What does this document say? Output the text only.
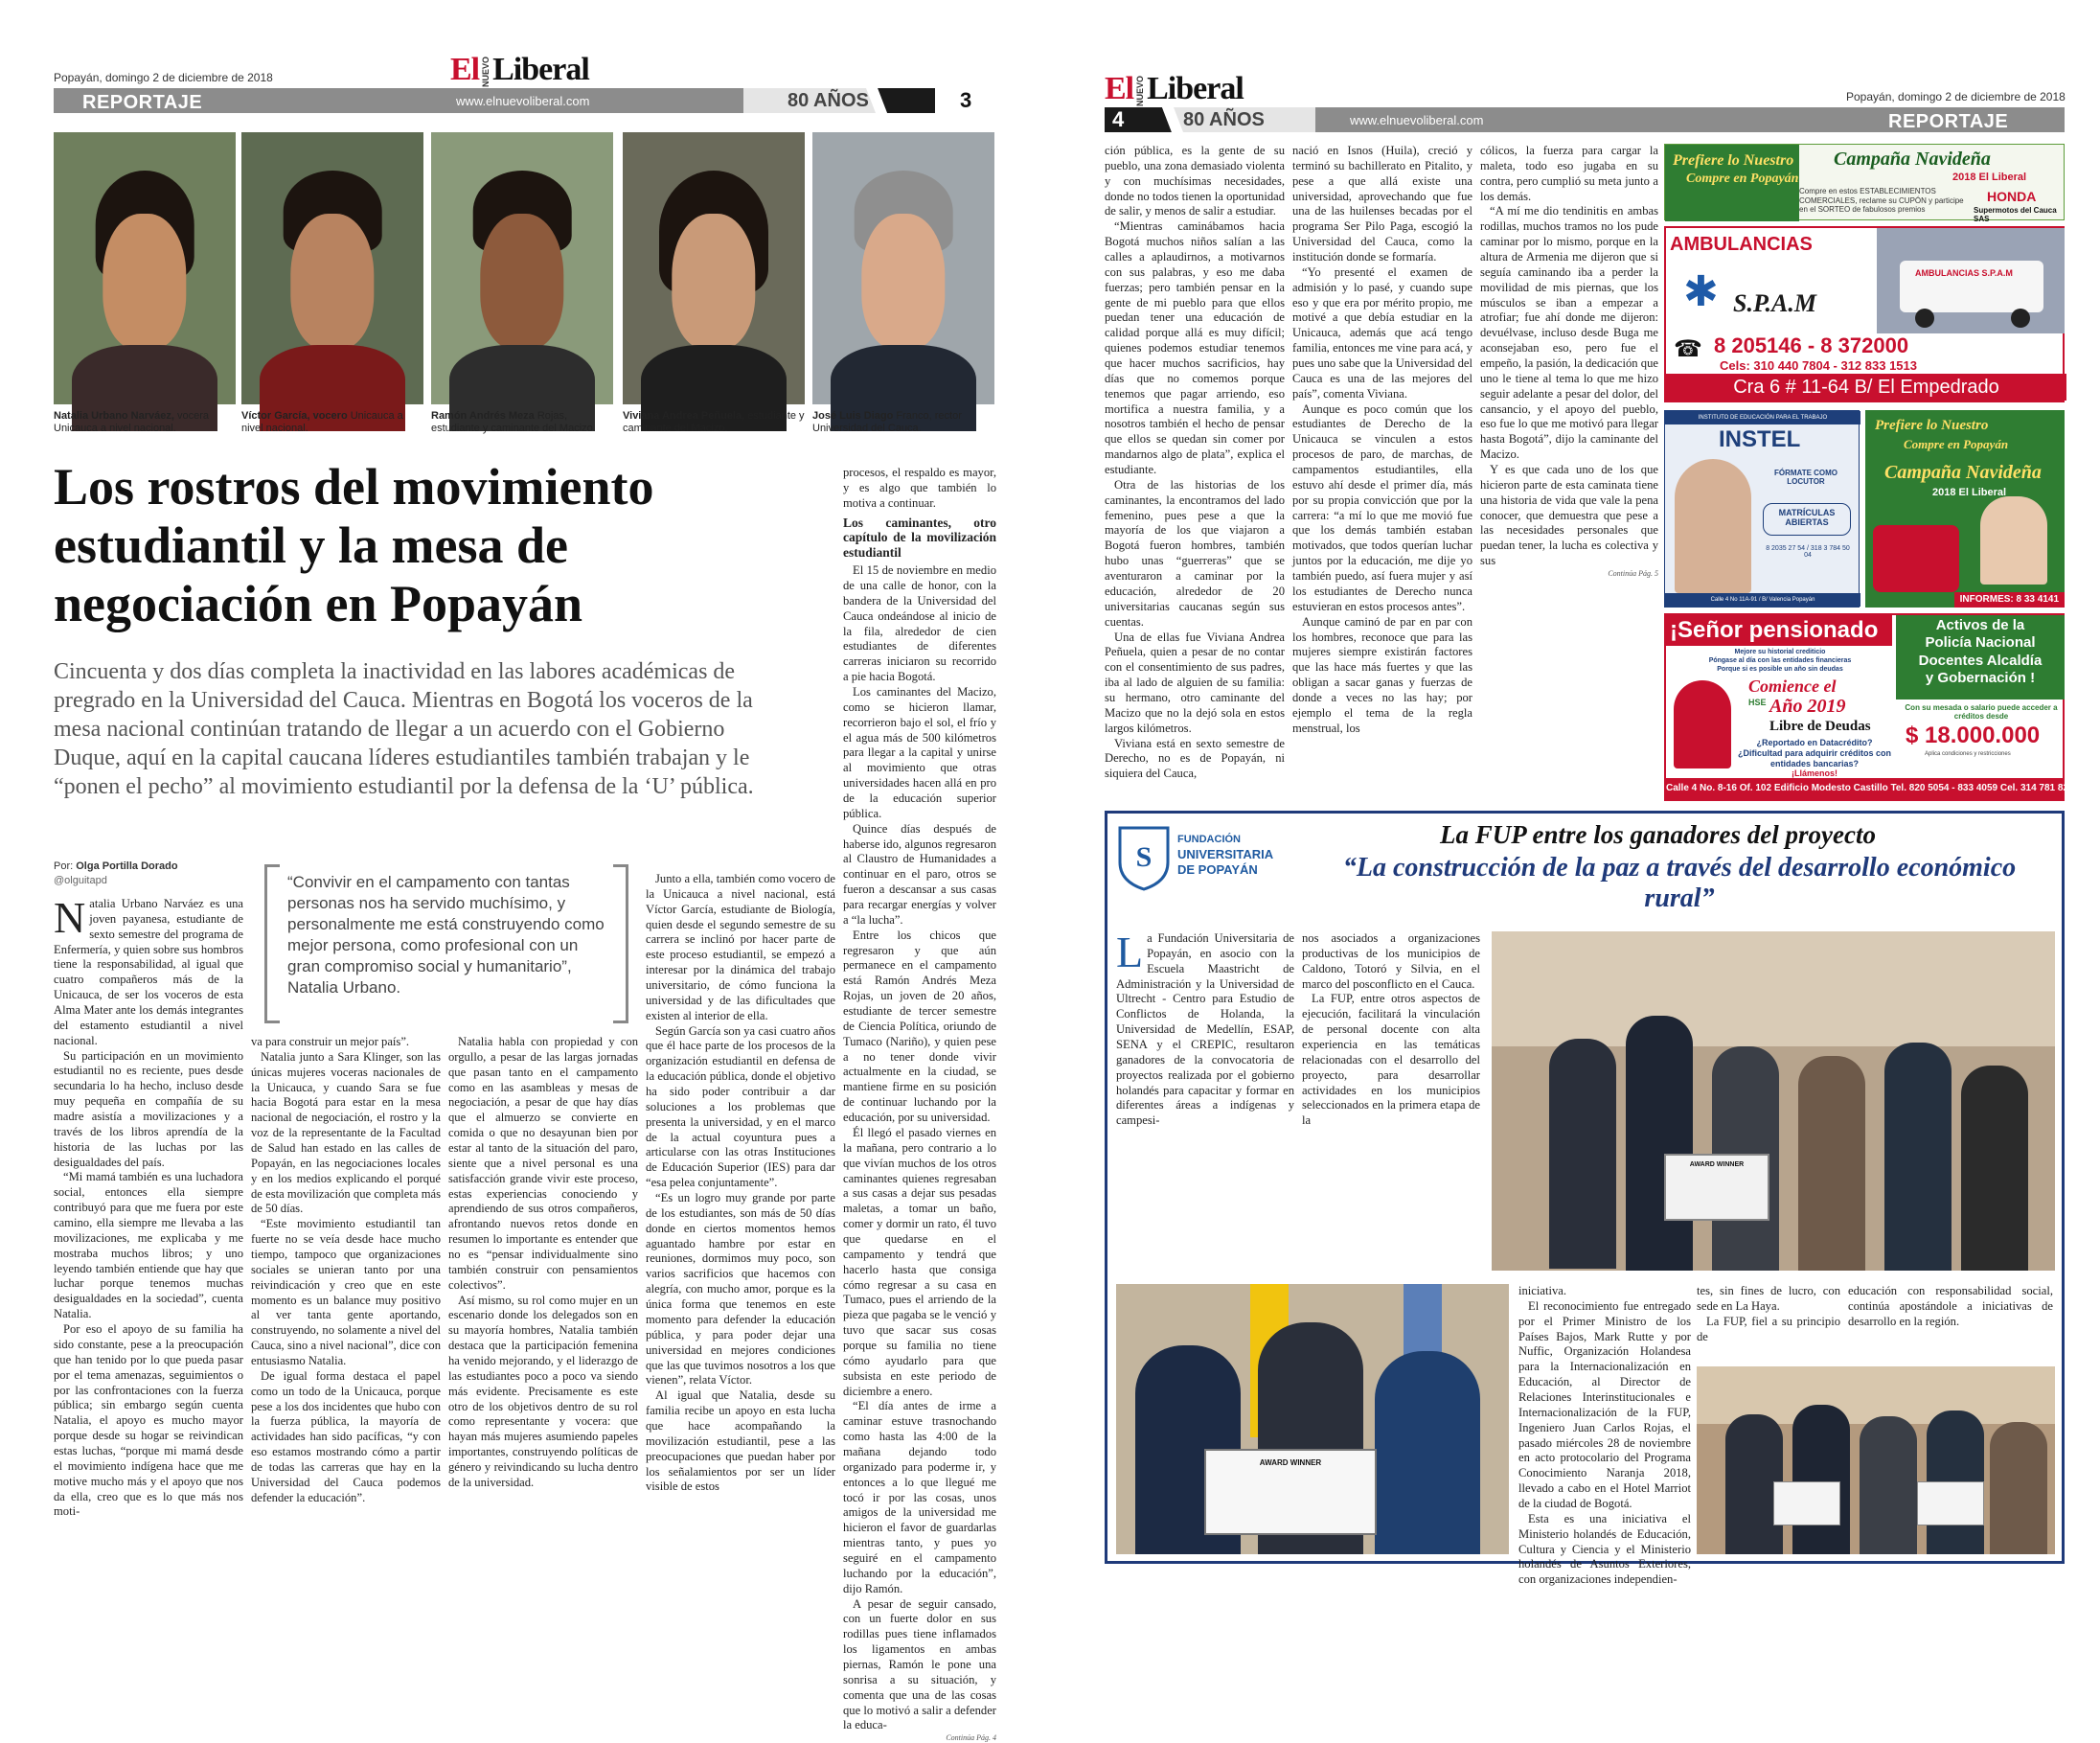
Popayán, domingo 2 de diciembre de 2018	El NUEVOLiberal
REPORTAJE	www.elnuevoliberal.com	80 AÑOS	3
Natalia Urbano Narváez, vocera Unicauca a nivel nacional.
Víctor García, vocero Unicauca a nivel nacional.
Ramón Andrés Meza Rojas, estudiante y caminante del Macizo.
Viviana Andrea Peñuela, estudiante y caminante del Macizo.
José Luis Diago Franco, rector Universidad del Cauca.
Los rostros del movimiento estudiantil y la mesa de negociación en Popayán
Cincuenta y dos días completa la inactividad en las labores académicas de pregrado en la Universidad del Cauca. Mientras en Bogotá los voceros de la mesa nacional continúan tratando de llegar a un acuerdo con el Gobierno Duque, aquí en la capital caucana líderes estudiantiles también trabajan y le “ponen el pecho” al movimiento estudiantil por la defensa de la ‘U’ pública.
Por: Olga Portilla Dorado
@olguitapd	“Convivir en el campamento con tantas personas nos ha servido muchísimo, y personalmente me está construyendo como mejor persona, como profesional con un gran compromiso social y humanitario”, Natalia Urbano.

Natalia Urbano Narváez es una joven payanesa, estudiante de sexto semestre del programa de Enfermería, y quien sobre sus hombros tiene la responsabilidad, al igual que cuatro compañeros más de la Unicauca, de ser los voceros de esta Alma Mater ante los demás integrantes del estamento estudiantil a nivel nacional.

Su participación en un movimiento estudiantil no es reciente, pues desde secundaria lo ha hecho, incluso desde muy pequeña en compañía de su madre asistía a movilizaciones y a través de los libros aprendía de la historia de las luchas por las desigualdades del país.

“Mi mamá también es una luchadora social, entonces ella siempre contribuyó para que me fuera por este camino, ella siempre me llevaba a las movilizaciones, me explicaba y me mostraba muchos libros; y uno leyendo también entiende que hay que luchar porque tenemos muchas desigualdades en la sociedad”, cuenta Natalia.

Por eso el apoyo de su familia ha sido constante, pese a la preocupación que han tenido por lo que pueda pasar por el tema amenazas, seguimientos o por las confrontaciones con la fuerza pública; sin embargo según cuenta Natalia, el apoyo es mucho mayor porque desde su hogar se reivindican estas luchas, “porque mi mamá desde el movimiento indígena hace que me motive mucho más y el apoyo que nos da ella, creo que es lo que más nos moti-

va para construir un mejor país”.

Natalia junto a Sara Klinger, son las únicas mujeres voceras nacionales de la Unicauca, y cuando Sara se fue hacia Bogotá para estar en la mesa nacional de negociación, el rostro y la voz de la representante de la Facultad de Salud han estado en las calles de Popayán, en las negociaciones locales y en los medios explicando el porqué de esta movilización que completa más de 50 días.

“Este movimiento estudiantil tan fuerte no se veía desde hace mucho tiempo, tampoco que organizaciones sociales se unieran tanto por una reivindicación y creo que en este momento es un balance muy positivo al ver tanta gente aportando, construyendo, no solamente a nivel del Cauca, sino a nivel nacional”, dice con entusiasmo Natalia.

De igual forma destaca el papel como un todo de la Unicauca, porque pese a los dos incidentes que hubo con la fuerza pública, la mayoría de actividades han sido pacíficas, “y con eso estamos mostrando cómo a partir de todas las carreras que hay en la Universidad del Cauca podemos defender la educación”.

Natalia habla con propiedad y con orgullo, a pesar de las largas jornadas que pasan tanto en el campamento como en las asambleas y mesas de negociación, a pesar de que hay días que el almuerzo se convierte en comida o que no desayunan bien por estar al tanto de la situación del paro, siente que a nivel personal es una satisfacción grande vivir este proceso, estas experiencias conociendo y aprendiendo de sus otros compañeros, afrontando nuevos retos donde en resumen lo importante es entender que no es “pensar individualmente sino también construir con pensamientos colectivos”.

Así mismo, su rol como mujer en un escenario donde los delegados son en su mayoría hombres, Natalia también destaca que la participación femenina ha venido mejorando, y el liderazgo de las estudiantes poco a poco va siendo más evidente. Precisamente es este otro de los objetivos dentro de su rol como representante y vocera: que hayan más mujeres asumiendo papeles importantes, construyendo políticas de género y reivindicando su lucha dentro de la universidad.

Junto a ella, también como vocero de la Unicauca a nivel nacional, está Víctor García, estudiante de Biología, quien desde el segundo semestre de su carrera se inclinó por hacer parte de este proceso estudiantil, se empezó a interesar por la dinámica del trabajo universitario, de cómo funciona la universidad y de las dificultades que existen al interior de ella.

Según García son ya casi cuatro años que él hace parte de los procesos de la organización estudiantil en defensa de la educación pública, donde el objetivo ha sido poder contribuir a dar soluciones a los problemas que presenta la universidad, y en el marco de la actual coyuntura pues a articularse con las otras Instituciones de Educación Superior (IES) para dar “esa pelea conjuntamente”.

“Es un logro muy grande por parte de los estudiantes, son más de 50 días donde en ciertos momentos hemos aguantado hambre por estar en reuniones, dormimos muy poco, son varios sacrificios que hacemos con alegría, con mucho amor, porque es la única forma que tenemos en este momento para defender la educación pública, y para poder dejar una universidad en mejores condiciones que las que tuvimos nosotros a los que vienen”, relata Víctor.

Al igual que Natalia, desde su familia recibe un apoyo en esta lucha que hace acompañando la movilización estudiantil, pese a las preocupaciones que puedan haber por los señalamientos por ser un líder visible de estos

procesos, el respaldo es mayor, y es algo que también lo motiva a continuar.

Los caminantes, otro capítulo de la movilización estudiantil

El 15 de noviembre en medio de una calle de honor, con la bandera de la Universidad del Cauca ondeándose al inicio de la fila, alrededor de cien estudiantes de diferentes carreras iniciaron su recorrido a pie hacia Bogotá.

Los caminantes del Macizo, como se hicieron llamar, recorrieron bajo el sol, el frío y el agua más de 500 kilómetros para llegar a la capital y unirse al movimiento que otras universidades hacen allá en pro de la educación superior pública.

Quince días después de haberse ido, algunos regresaron al Claustro de Humanidades a continuar en el paro, otros se fueron a descansar a sus casas para recargar energías y volver a “la lucha”.

Entre los chicos que regresaron y que aún permanece en el campamento está Ramón Andrés Meza Rojas, un joven de 20 años, estudiante de tercer semestre de Ciencia Política, oriundo de Tumaco (Nariño), y quien pese a no tener donde vivir actualmente en la ciudad, se mantiene firme en su posición de continuar luchando por la educación, por su universidad.

Él llegó el pasado viernes en la mañana, pero contrario a lo que vivían muchos de los otros caminantes quienes regresaban a sus casas a dejar sus pesadas maletas, a tomar un baño, comer y dormir un rato, él tuvo que quedarse en el campamento y tendrá que hacerlo hasta que consiga cómo regresar a su casa en Tumaco, pues el arriendo de la pieza que pagaba se le venció y tuvo que sacar sus cosas porque su familia no tiene cómo ayudarlo para que subsista en este periodo de diciembre a enero.

“El día antes de irme a caminar estuve trasnochando como hasta las 4:00 de la mañana dejando todo organizado para poderme ir, y entonces a lo que llegué me tocó ir por las cosas, unos amigos de la universidad me hicieron el favor de guardarlas mientras tanto, y pues yo seguiré en el campamento luchando por la educación”, dijo Ramón.

A pesar de seguir cansado, con un fuerte dolor en sus rodillas pues tiene inflamados los ligamentos en ambas piernas, Ramón le pone una sonrisa a su situación, y comenta que una de las cosas que lo motivó a salir a defender la educa-

Continúa Pág. 4

El NUEVOLiberal	Popayán, domingo 2 de diciembre de 2018
4	80 AÑOS	www.elnuevoliberal.com	REPORTAJE

ción pública, es la gente de su pueblo, una zona demasiado violenta y con muchísimas necesidades, donde no todos tienen la oportunidad de salir, y menos de salir a estudiar.

“Mientras caminábamos hacia Bogotá muchos niños salían a las calles a aplaudirnos, a motivarnos con sus palabras, y eso me daba fuerzas; pero también pensar en la gente de mi pueblo para que ellos puedan tener una educación de calidad porque allá es muy difícil; quienes podemos estudiar tenemos que hacer muchos sacrificios, hay días que no comemos porque tenemos que pagar arriendo, eso mortifica a nuestra familia, y a nosotros también el hecho de pensar que ellos se quedan sin comer por mandarnos algo de plata”, explica el estudiante.

Otra de las historias de los caminantes, la encontramos del lado femenino, pues pese a que la mayoría de los que viajaron a Bogotá fueron hombres, también hubo unas “guerreras” que se aventuraron a caminar por la educación, alrededor de 20 universitarias caucanas según sus cuentas.

Una de ellas fue Viviana Andrea Peñuela, quien a pesar de no contar con el consentimiento de sus padres, iba al lado de alguien de su familia: su hermano, otro caminante del Macizo que no la dejó sola en estos largos kilómetros.

Viviana está en sexto semestre de Derecho, no es de Popayán, ni siquiera del Cauca,

nació en Isnos (Huila), creció y terminó su bachillerato en Pitalito, y pese a que allá existe una universidad, aprovechando que fue una de las huilenses becadas por el programa Ser Pilo Paga, escogió la Universidad del Cauca, como la institución donde se formaría.

“Yo presenté el examen de admisión y lo pasé, y cuando supe eso y que era por mérito propio, me motivé a que debía estudiar en la Unicauca, además que acá tengo familia, entonces me vine para acá, y pues uno sabe que la Universidad del Cauca es una de las mejores del país”, comenta Viviana.

Aunque es poco común que los estudiantes de Derecho de la Unicauca se vinculen a estos procesos de paro, de marchas, de campamentos estudiantiles, ella estuvo ahí desde el primer día, más por su propia convicción que por la carrera: “a mí lo que me movió fue que los demás también estaban motivados, que todos querían luchar juntos por la educación, me dije yo también puedo, así fuera mujer y así los estudiantes de Derecho nunca estuvieran en estos procesos antes”.

Aunque caminó de par en par con los hombres, reconoce que para las mujeres siempre existirán factores que las hace más fuertes y que las obligan a sacar ganas y fuerzas de donde a veces no las hay; por ejemplo el tema de la regla menstrual, los

cólicos, la fuerza para cargar la maleta, todo eso jugaba en su contra, pero cumplió su meta junto a los demás.

“A mí me dio tendinitis en ambas rodillas, muchos tramos no los pude caminar por lo mismo, porque en la altura de Armenia me dijeron que si seguía caminando iba a perder la movilidad de mis piernas, que los músculos se iban a empezar a atrofiar; fue ahí donde me dijeron: devuélvase, incluso desde Buga me aconsejaban eso, pero fue el empeño, la pasión, la dedicación que uno le tiene al tema lo que me hizo seguir adelante a pesar del dolor, del cansancio, y el apoyo del pueblo, eso fue lo que me motivó para llegar hasta Bogotá”, dijo la caminante del Macizo.

Y es que cada uno de los que hicieron parte de esta caminata tiene una historia de vida que vale la pena conocer, que demuestra que pese a las necesidades personales que puedan tener, la lucha es colectiva y sus

Continúa Pág. 5

Prefiere lo Nuestro
Compre en Popayán
Campaña Navideña
2018 El Liberal
Compre en estos ESTABLECIMIENTOS COMERCIALES, reclame su CUPÓN y participe en el SORTEO de fabulosos premios
HONDA
Supermotos del Cauca SAS
AMBULANCIAS
AMBULANCIAS S.P.A.M
✱ S.P.A.M
☎ 8 205146 - 8 372000
Cels: 310 440 7804 - 312 833 1513
Cra 6 # 11-64 B/ El Empedrado
INSTITUTO DE EDUCACIÓN PARA EL TRABAJO
INSTEL
FÓRMATE COMO LOCUTOR
MATRÍCULAS ABIERTAS
8 2035 27 54 / 318 3 784 50 04
Calle 4 No 11A-91 / B/ Valencia Popayán
Prefiere lo Nuestro
Compre en Popayán
Campaña Navideña
2018 El Liberal
INFORMES: 8 33 4141
¡Señor pensionado
Mejore su historial crediticio
Póngase al día con las entidades financieras
Porque si es posible un año sin deudas
Comience el
Año 2019
Libre de Deudas
¿Reportado en Datacrédito?
¿Dificultad para adquirir créditos con entidades bancarias?
¡Llámenos!
HSE
Activos de la
Policía Nacional
Docentes Alcaldía
y Gobernación !
Con su mesada o salario puede acceder a créditos desde
$ 18.000.000
Aplica condiciones y restricciones
Calle 4 No. 8-16 Of. 102 Edificio Modesto Castillo Tel. 820 5054 - 833 4059 Cel. 314 781 8261
S
FUNDACIÓN
UNIVERSITARIA
DE POPAYÁN
La FUP entre los ganadores del proyecto
“La construcción de la paz a través del desarrollo económico rural”

La Fundación Universitaria de Popayán, en asocio con la Escuela Maastricht de Administración y la Universidad de Ultrecht - Centro para Estudio de Conflictos de Holanda, la Universidad de Medellín, ESAP, SENA y el CREPIC, resultaron ganadores de la convocatoria de proyectos realizada por el gobierno holandés para capacitar y formar en diferentes áreas a indígenas y campesi-

nos asociados a organizaciones productivas de los municipios de Caldono, Totoró y Silvia, en el marco del posconflicto en el Cauca.

La FUP, entre otros aspectos de ejecución, facilitará la vinculación de personal docente con alta experiencia en las temáticas relacionadas con el desarrollo del proyecto, para desarrollar actividades en los municipios seleccionados en la primera etapa de la

AWARD WINNER
AWARD WINNER

iniciativa.

El reconocimiento fue entregado por el Primer Ministro de los Países Bajos, Mark Rutte y por Nuffic, Organización Holandesa para la Internacionalización en Educación, al Director de Relaciones Interinstitucionales e Internacionalización de la FUP, Ingeniero Juan Carlos Rojas, el pasado miércoles 28 de noviembre en acto protocolario del Programa Conocimiento Naranja 2018, llevado a cabo en el Hotel Marriot de la ciudad de Bogotá.

Esta es una iniciativa el Ministerio holandés de Educación, Cultura y Ciencia y el Ministerio holandés de Asuntos Exteriores, con organizaciones independien-

tes, sin fines de lucro, con sede en La Haya.

La FUP, fiel a su principio de

educación con responsabilidad social, continúa apostándole a iniciativas de desarrollo en la región.
